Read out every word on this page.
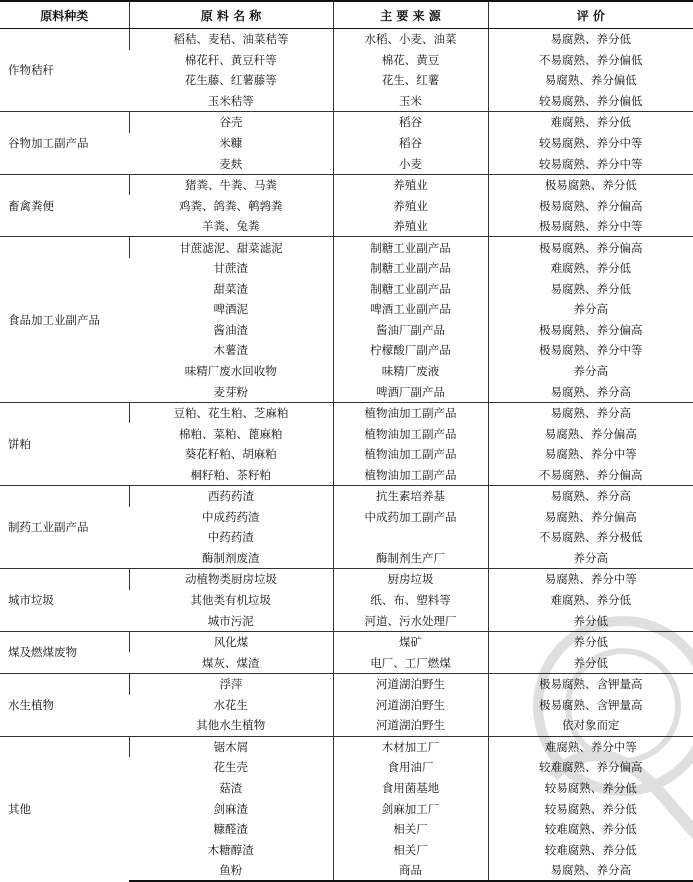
原料种类	原 料 名 称	主 要 来 源	评 价
作物秸秆	稻秸、麦秸、油菜秸等	水稻、小麦、油菜	易腐熟、养分低
	棉花秆、黄豆秆等	棉花、黄豆	不易腐熟、养分偏低
	花生藤、红薯藤等	花生、红薯	易腐熟、养分偏低
	玉米秸等	玉米	较易腐熟、养分偏低
谷物加工副产品	谷壳	稻谷	难腐熟、养分低
	米糠	稻谷	较易腐熟、养分中等
	麦麸	小麦	较易腐熟、养分中等
畜禽粪便	猪粪、牛粪、马粪	养殖业	极易腐熟、养分低
	鸡粪、鸽粪、鹌鹑粪	养殖业	极易腐熟、养分偏高
	羊粪、兔粪	养殖业	极易腐熟、养分中等
食品加工业副产品	甘蔗滤泥、甜菜滤泥	制糖工业副产品	极易腐熟、养分偏高
	甘蔗渣	制糖工业副产品	难腐熟、养分低
	甜菜渣	制糖工业副产品	易腐熟、养分低
	啤酒泥	啤酒工业副产品	养分高
	酱油渣	酱油厂副产品	极易腐熟、养分偏高
	木薯渣	柠檬酸厂副产品	极易腐熟、养分中等
	味精厂废水回收物	味精厂废液	养分高
	麦芽粉	啤酒厂副产品	易腐熟、养分高
饼粕	豆粕、花生粕、芝麻粕	植物油加工副产品	易腐熟、养分高
	棉粕、菜粕、蓖麻粕	植物油加工副产品	易腐熟、养分偏高
	葵花籽粕、胡麻粕	植物油加工副产品	易腐熟、养分中等
	桐籽粕、茶籽粕	植物油加工副产品	不易腐熟、养分偏高
制药工业副产品	西药药渣	抗生素培养基	易腐熟、养分高
	中成药药渣	中成药加工副产品	易腐熟、养分偏高
	中药药渣		不易腐熟、养分极低
	酶制剂废渣	酶制剂生产厂	养分高
城市垃圾	动植物类厨房垃圾	厨房垃圾	易腐熟、养分中等
	其他类有机垃圾	纸、布、塑料等	难腐熟、养分低
	城市污泥	河道、污水处理厂	养分低
煤及燃煤废物	风化煤	煤矿	养分低
	煤灰、煤渣	电厂、工厂燃煤	养分低
水生植物	浮萍	河道湖泊野生	极易腐熟、含钾量高
	水花生	河道湖泊野生	极易腐熟、含钾量高
	其他水生植物	河道湖泊野生	依对象而定
其他	锯木屑	木材加工厂	难腐熟、养分中等
	花生壳	食用油厂	较难腐熟、养分偏高
	菇渣	食用菌基地	较易腐熟、养分低
	剑麻渣	剑麻加工厂	较易腐熟、养分低
	糠醛渣	相关厂	较难腐熟、养分低
	木糖醇渣	相关厂	较难腐熟、养分低
	鱼粉	商品	易腐熟、养分高
